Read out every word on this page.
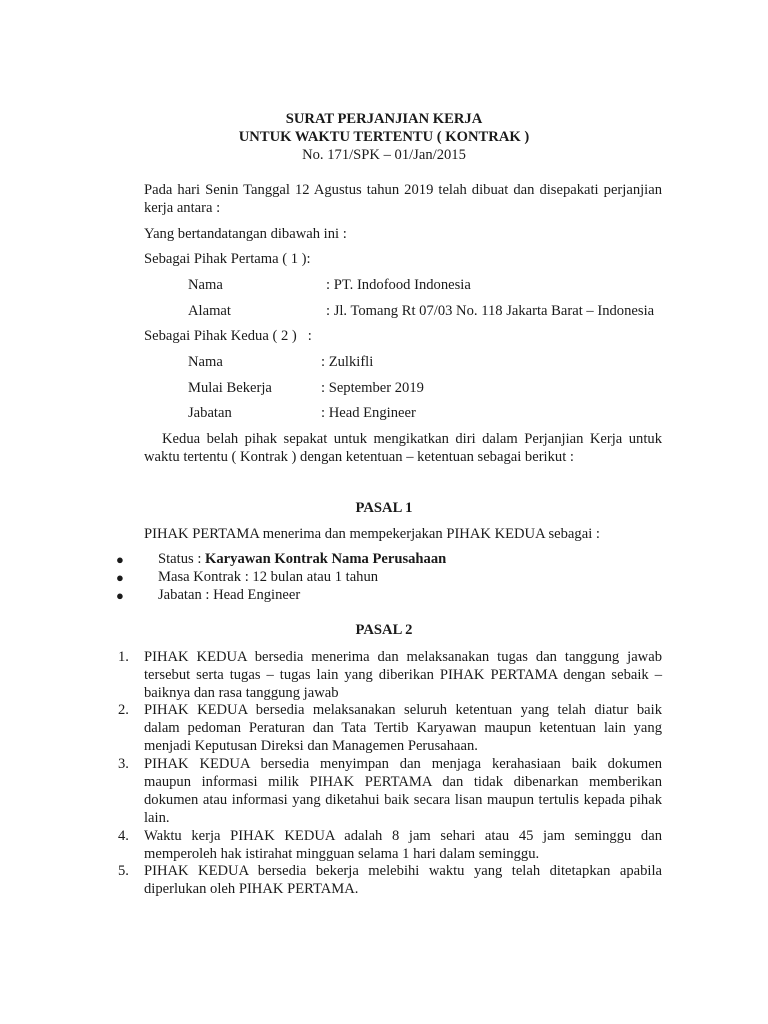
SURAT PERJANJIAN KERJA
UNTUK WAKTU TERTENTU ( KONTRAK )
No. 171/SPK – 01/Jan/2015
Pada hari Senin Tanggal 12 Agustus tahun 2019 telah dibuat dan disepakati perjanjian
kerja antara :
Yang bertandatangan dibawah ini :
Sebagai Pihak Pertama ( 1 ):
Nama	: PT. Indofood Indonesia
Alamat	: Jl. Tomang Rt 07/03 No. 118 Jakarta Barat – Indonesia
Sebagai Pihak Kedua ( 2 )   :
Nama	: Zulkifli
Mulai Bekerja	: September 2019
Jabatan	: Head Engineer
Kedua belah pihak sepakat untuk mengikatkan diri dalam Perjanjian Kerja untuk
waktu tertentu ( Kontrak ) dengan ketentuan – ketentuan sebagai berikut :
PASAL 1
PIHAK PERTAMA menerima dan mempekerjakan PIHAK KEDUA sebagai :
● Status : Karyawan Kontrak Nama Perusahaan
● Masa Kontrak : 12 bulan atau 1 tahun
● Jabatan : Head Engineer
PASAL 2
1. PIHAK KEDUA bersedia menerima dan melaksanakan tugas dan tanggung jawab
tersebut serta tugas – tugas lain yang diberikan PIHAK PERTAMA dengan sebaik –
baiknya dan rasa tanggung jawab
2. PIHAK KEDUA bersedia melaksanakan seluruh ketentuan yang telah diatur baik
dalam pedoman Peraturan dan Tata Tertib Karyawan maupun ketentuan lain yang
menjadi Keputusan Direksi dan Managemen Perusahaan.
3. PIHAK KEDUA bersedia menyimpan dan menjaga kerahasiaan baik dokumen
maupun informasi milik PIHAK PERTAMA dan tidak dibenarkan memberikan
dokumen atau informasi yang diketahui baik secara lisan maupun tertulis kepada pihak
lain.
4. Waktu kerja PIHAK KEDUA adalah 8 jam sehari atau 45 jam seminggu dan
memperoleh hak istirahat mingguan selama 1 hari dalam seminggu.
5. PIHAK KEDUA bersedia bekerja melebihi waktu yang telah ditetapkan apabila
diperlukan oleh PIHAK PERTAMA.
